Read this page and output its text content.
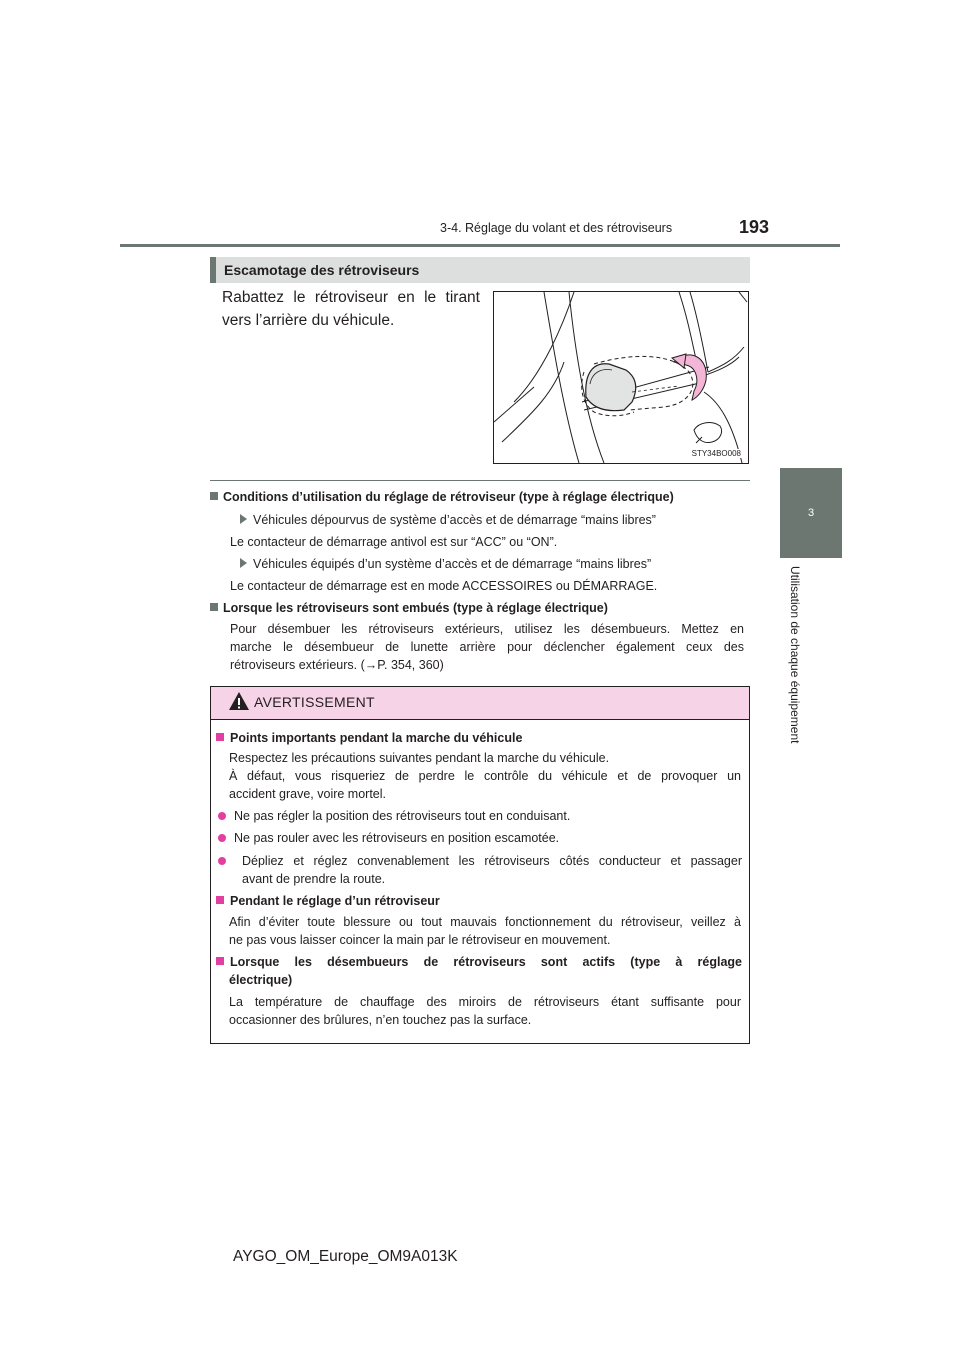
3-4. Réglage du volant et des rétroviseurs	193
3
Utilisation de chaque équipement
Escamotage des rétroviseurs
Rabattez le rétroviseur en le tirant vers l’arrière du véhicule.
STY34BO008
Conditions d’utilisation du réglage de rétroviseur (type à réglage électrique)
Véhicules dépourvus de système d’accès et de démarrage “mains libres”
Le contacteur de démarrage antivol est sur “ACC” ou “ON”.
Véhicules équipés d’un système d’accès et de démarrage “mains libres”
Le contacteur de démarrage est en mode ACCESSOIRES ou DÉMARRAGE.
Lorsque les rétroviseurs sont embués (type à réglage électrique)
Pour désembuer les rétroviseurs extérieurs, utilisez les désembueurs. Mettez en
marche le désembueur de lunette arrière pour déclencher également ceux des
rétroviseurs extérieurs. (→P. 354, 360)
AVERTISSEMENT
Points importants pendant la marche du véhicule
Respectez les précautions suivantes pendant la marche du véhicule.
À défaut, vous risqueriez de perdre le contrôle du véhicule et de provoquer un
accident grave, voire mortel.
Ne pas régler la position des rétroviseurs tout en conduisant.
Ne pas rouler avec les rétroviseurs en position escamotée.
Dépliez et réglez convenablement les rétroviseurs côtés conducteur et passager
avant de prendre la route.
Pendant le réglage d’un rétroviseur
Afin d’éviter toute blessure ou tout mauvais fonctionnement du rétroviseur, veillez à
ne pas vous laisser coincer la main par le rétroviseur en mouvement.
Lorsque les désembueurs de rétroviseurs sont actifs (type à réglage
électrique)
La température de chauffage des miroirs de rétroviseurs étant suffisante pour
occasionner des brûlures, n’en touchez pas la surface.
AYGO_OM_Europe_OM9A013K
